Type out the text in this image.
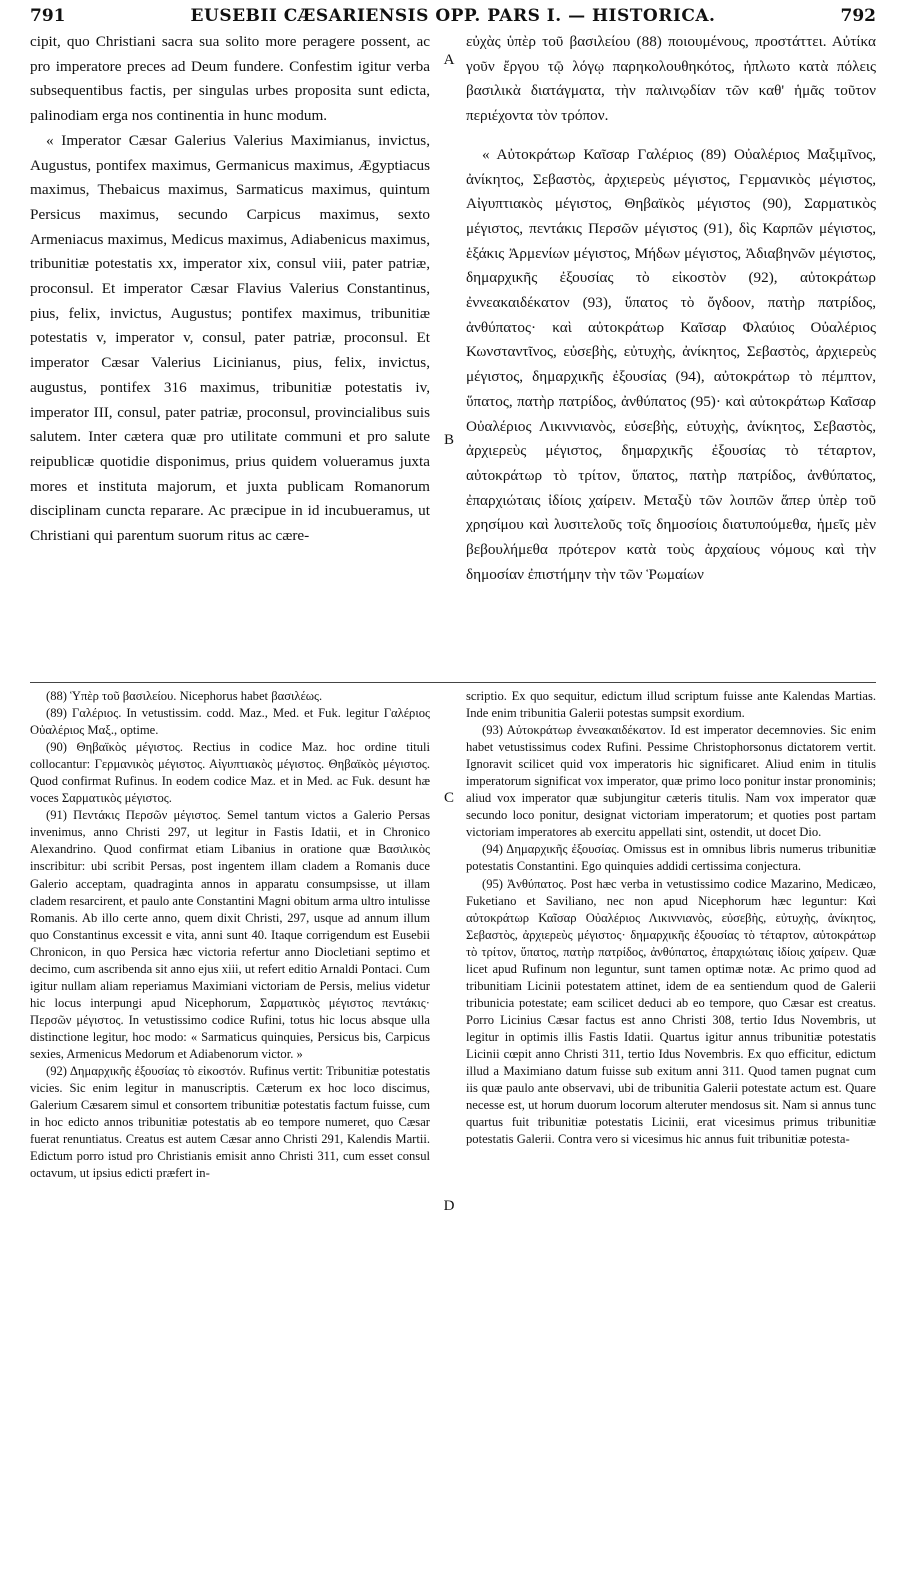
791	EUSEBII CÆSARIENSIS OPP. PARS I. — HISTORICA.	792

cipit, quo Christiani sacra sua solito more peragere possent, ac pro imperatore preces ad Deum fundere. Confestim igitur verba subsequentibus factis, per singulas urbes proposita sunt edicta, palinodiam erga nos continentia in hunc modum.

« Imperator Cæsar Galerius Valerius Maximianus, invictus, Augustus, pontifex maximus, Germanicus maximus, Ægyptiacus maximus, Thebaicus maximus, Sarmaticus maximus, quintum Persicus maximus, secundo Carpicus maximus, sexto Armeniacus maximus, Medicus maximus, Adiabenicus maximus, tribunitiæ potestatis xx, imperator xix, consul viii, pater patriæ, proconsul. Et imperator Cæsar Flavius Valerius Constantinus, pius, felix, invictus, Augustus; pontifex maximus, tribunitiæ potestatis v, imperator v, consul, pater patriæ, proconsul. Et imperator Cæsar Valerius Licinianus, pius, felix, invictus, augustus, pontifex 316 maximus, tribunitiæ potestatis iv, imperator III, consul, pater patriæ, proconsul, provincialibus suis salutem. Inter cætera quæ pro utilitate communi et pro salute reipublicæ quotidie disponimus, prius quidem volueramus juxta mores et instituta majorum, et juxta publicam Romanorum disciplinam cuncta reparare. Ac præcipue in id incubueramus, ut Christiani qui parentum suorum ritus ac cære-

εὐχὰς ὑπὲρ τοῦ βασιλείου (88) ποιουμένους, προστάττει. Αὐτίκα γοῦν ἔργου τῷ λόγῳ παρηκολουθηκότος, ἡπλωτο κατὰ πόλεις βασιλικὰ διατάγματα, τὴν παλινῳδίαν τῶν καθ' ἡμᾶς τοῦτον περιέχοντα τὸν τρόπον.

« Αὐτοκράτωρ Καῖσαρ Γαλέριος (89) Οὐαλέριος Μαξιμῖνος, ἀνίκητος, Σεβαστὸς, ἀρχιερεὺς μέγιστος, Γερμανικὸς μέγιστος, Αἰγυπτιακὸς μέγιστος, Θηβαϊκὸς μέγιστος (90), Σαρματικὸς μέγιστος, πεντάκις Περσῶν μέγιστος (91), δὶς Καρπῶν μέγιστος, ἑξάκις Ἀρμενίων μέγιστος, Μήδων μέγιστος, Ἀδιαβηνῶν μέγιστος, δημαρχικῆς ἐξουσίας τὸ εἰκοστὸν (92), αὐτοκράτωρ ἐννεακαιδέκατον (93), ὕπατος τὸ ὄγδοον, πατὴρ πατρίδος, ἀνθύπατος· καὶ αὐτοκράτωρ Καῖσαρ Φλαύιος Οὐαλέριος Κωνσταντῖνος, εὐσεβὴς, εὐτυχὴς, ἀνίκητος, Σεβαστὸς, ἀρχιερεὺς μέγιστος, δημαρχικῆς ἐξουσίας (94), αὐτοκράτωρ τὸ πέμπτον, ὕπατος, πατὴρ πατρίδος, ἀνθύπατος (95)· καὶ αὐτοκράτωρ Καῖσαρ Οὐαλέριος Λικιννιανὸς, εὐσεβὴς, εὐτυχὴς, ἀνίκητος, Σεβαστὸς, ἀρχιερεὺς μέγιστος, δημαρχικῆς ἐξουσίας τὸ τέταρτον, αὐτοκράτωρ τὸ τρίτον, ὕπατος, πατὴρ πατρίδος, ἀνθύπατος, ἐπαρχιώταις ἰδίοις χαίρειν. Μεταξὺ τῶν λοιπῶν ἅπερ ὑπὲρ τοῦ χρησίμου καὶ λυσιτελοῦς τοῖς δημοσίοις διατυπούμεθα, ἡμεῖς μὲν βεβουλήμεθα πρότερον κατὰ τοὺς ἀρχαίους νόμους καὶ τὴν δημοσίαν ἐπιστήμην τὴν τῶν Ῥωμαίων

A
B
C
D

(88) Ὑπὲρ τοῦ βασιλείου. Nicephorus habet βασιλέως.

(89) Γαλέριος. In vetustissim. codd. Maz., Med. et Fuk. legitur Γαλέριος Οὐαλέριος Μαξ., optime.

(90) Θηβαϊκὸς μέγιστος. Rectius in codice Maz. hoc ordine tituli collocantur: Γερμανικὸς μέγιστος. Αἰγυπτιακὸς μέγιστος. Θηβαϊκὸς μέγιστος. Quod confirmat Rufinus. In eodem codice Maz. et in Med. ac Fuk. desunt hæ voces Σαρματικὸς μέγιστος.

(91) Πεντάκις Περσῶν μέγιστος. Semel tantum victos a Galerio Persas invenimus, anno Christi 297, ut legitur in Fastis Idatii, et in Chronico Alexandrino. Quod confirmat etiam Libanius in oratione quæ Βασιλικὸς inscribitur: ubi scribit Persas, post ingentem illam cladem a Romanis duce Galerio acceptam, quadraginta annos in apparatu consumpsisse, ut illam cladem resarcirent, et paulo ante Constantini Magni obitum arma ultro intulisse Romanis. Ab illo certe anno, quem dixit Christi, 297, usque ad annum illum quo Constantinus excessit e vita, anni sunt 40. Itaque corrigendum est Eusebii Chronicon, in quo Persica hæc victoria refertur anno Diocletiani septimo et decimo, cum ascribenda sit anno ejus xiii, ut refert editio Arnaldi Pontaci. Cum igitur nullam aliam reperiamus Maximiani victoriam de Persis, melius videtur hic locus interpungi apud Nicephorum, Σαρματικὸς μέγιστος πεντάκις· Περσῶν μέγιστος. In vetustissimo codice Rufini, totus hic locus absque ulla distinctione legitur, hoc modo: « Sarmaticus quinquies, Persicus bis, Carpicus sexies, Armenicus Medorum et Adiabenorum victor. »

(92) Δημαρχικῆς ἐξουσίας τὸ εἰκοστόν. Rufinus vertit: Tribunitiæ potestatis vicies. Sic enim legitur in manuscriptis. Cæterum ex hoc loco discimus, Galerium Cæsarem simul et consortem tribunitiæ potestatis factum fuisse, cum in hoc edicto annos tribunitiæ potestatis ab eo tempore numeret, quo Cæsar fuerat renuntiatus. Creatus est autem Cæsar anno Christi 291, Kalendis Martii. Edictum porro istud pro Christianis emisit anno Christi 311, cum esset consul octavum, ut ipsius edicti præfert in-

scriptio. Ex quo sequitur, edictum illud scriptum fuisse ante Kalendas Martias. Inde enim tribunitia Galerii potestas sumpsit exordium.

(93) Αὐτοκράτωρ ἐννεακαιδέκατον. Id est imperator decemnovies. Sic enim habet vetustissimus codex Rufini. Pessime Christophorsonus dictatorem vertit. Ignoravit scilicet quid vox imperatoris hic significaret. Aliud enim in titulis imperatorum significat vox imperator, quæ primo loco ponitur instar pronominis; aliud vox imperator quæ subjungitur cæteris titulis. Nam vox imperator quæ secundo loco ponitur, designat victoriam imperatorum; et quoties post partam victoriam imperatores ab exercitu appellati sint, ostendit, ut docet Dio.

(94) Δημαρχικῆς ἐξουσίας. Omissus est in omnibus libris numerus tribunitiæ potestatis Constantini. Ego quinquies addidi certissima conjectura.

(95) Ἀνθύπατος. Post hæc verba in vetustissimo codice Mazarino, Medicæo, Fuketiano et Saviliano, nec non apud Nicephorum hæc leguntur: Καὶ αὐτοκράτωρ Καῖσαρ Οὐαλέριος Λικιννιανὸς, εὐσεβὴς, εὐτυχὴς, ἀνίκητος, Σεβαστὸς, ἀρχιερεὺς μέγιστος· δημαρχικῆς ἐξουσίας τὸ τέταρτον, αὐτοκράτωρ τὸ τρίτον, ὕπατος, πατὴρ πατρίδος, ἀνθύπατος, ἐπαρχιώταις ἰδίοις χαίρειν. Quæ licet apud Rufinum non leguntur, sunt tamen optimæ notæ. Ac primo quod ad tribunitiam Licinii potestatem attinet, idem de ea sentiendum quod de Galerii tribunicia potestate; eam scilicet deduci ab eo tempore, quo Cæsar est creatus. Porro Licinius Cæsar factus est anno Christi 308, tertio Idus Novembris, ut legitur in optimis illis Fastis Idatii. Quartus igitur annus tribunitiæ potestatis Licinii cœpit anno Christi 311, tertio Idus Novembris. Ex quo efficitur, edictum illud a Maximiano datum fuisse sub exitum anni 311. Quod tamen pugnat cum iis quæ paulo ante observavi, ubi de tribunitia Galerii potestate actum est. Quare necesse est, ut horum duorum locorum alteruter mendosus sit. Nam si annus tunc quartus fuit tribunitiæ potestatis Licinii, erat vicesimus primus tribunitiæ potestatis Galerii. Contra vero si vicesimus hic annus fuit tribunitiæ potesta-
